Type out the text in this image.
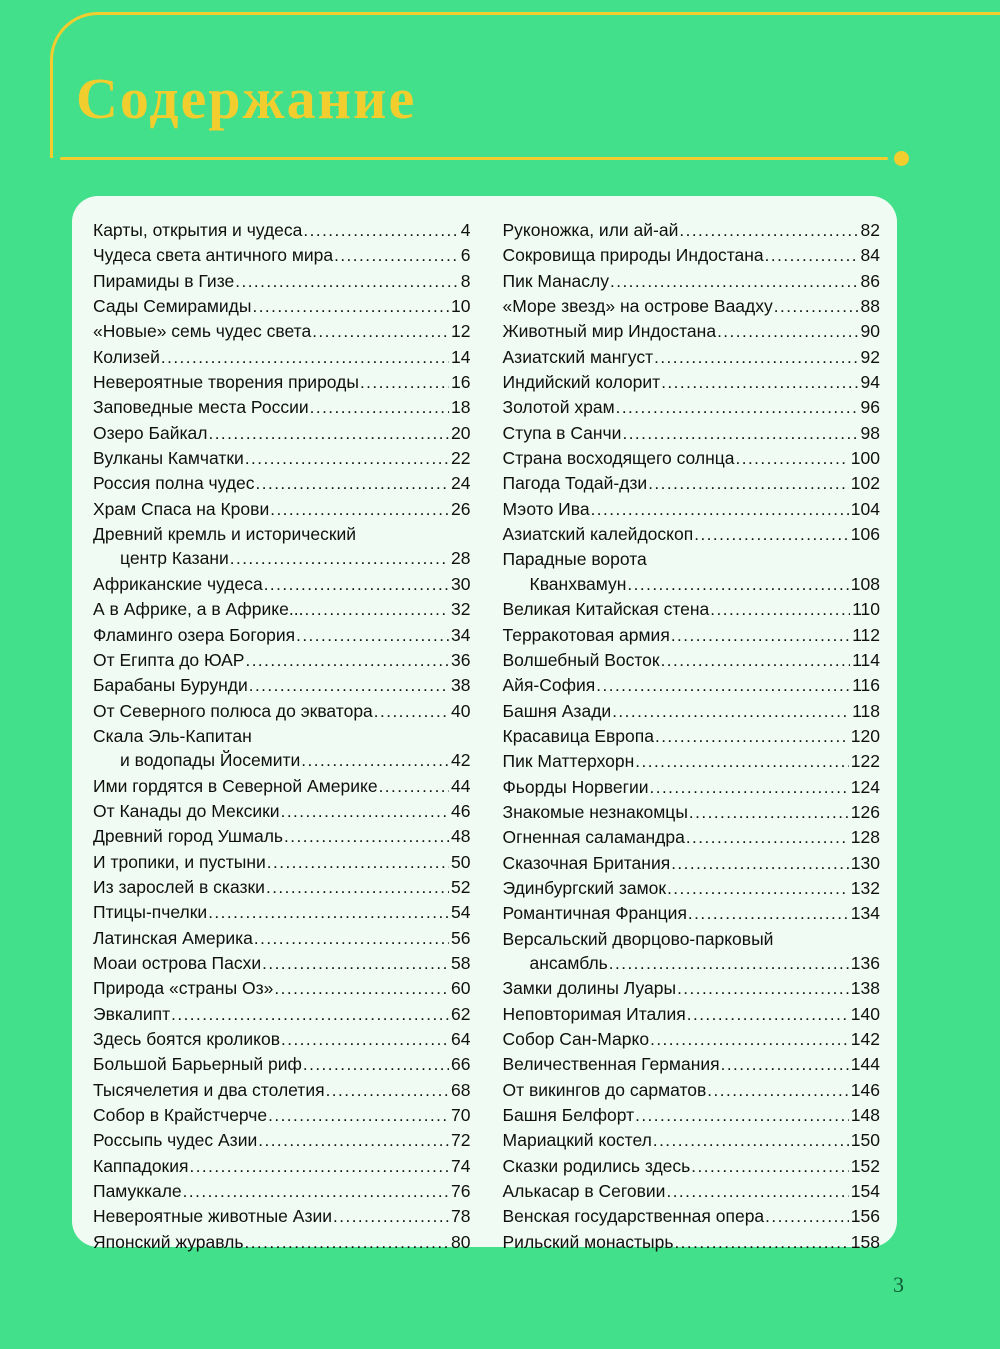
Содержание
Карты, открытия и чудеса .....	4
Чудеса света античного мира .....	6
Пирамиды в Гизе .....	8
Сады Семирамиды .....	10
«Новые» семь чудес света .....	12
Колизей .....	14
Невероятные творения природы .....	16
Заповедные места России .....	18
Озеро Байкал .....	20
Вулканы Камчатки .....	22
Россия полна чудес .....	24
Храм Спаса на Крови .....	26
Древний кремль и исторический
центр Казани .....	28
Африканские чудеса .....	30
А в Африке, а в Африке... .....	32
Фламинго озера Богория .....	34
От Египта до ЮАР .....	36
Барабаны Бурунди .....	38
От Северного полюса до экватора .....	40
Скала Эль-Капитан
и водопады Йосемити .....	42
Ими гордятся в Северной Америке .....	44
От Канады до Мексики .....	46
Древний город Ушмаль .....	48
И тропики, и пустыни .....	50
Из зарослей в сказки .....	52
Птицы-пчелки .....	54
Латинская Америка .....	56
Моаи острова Пасхи .....	58
Природа «страны Оз» .....	60
Эвкалипт .....	62
Здесь боятся кроликов .....	64
Большой Барьерный риф .....	66
Тысячелетия и два столетия .....	68
Собор в Крайстчерче .....	70
Россыпь чудес Азии .....	72
Каппадокия .....	74
Памуккале .....	76
Невероятные животные Азии .....	78
Японский журавль .....	80
Руконожка, или ай-ай .....	82
Сокровища природы Индостана .....	84
Пик Манаслу .....	86
«Море звезд» на острове Ваадху .....	88
Животный мир Индостана .....	90
Азиатский мангуст .....	92
Индийский колорит .....	94
Золотой храм .....	96
Ступа в Санчи .....	98
Страна восходящего солнца .....	100
Пагода Тодай-дзи .....	102
Мэото Ива .....	104
Азиатский калейдоскоп .....	106
Парадные ворота
Кванхвамун .....	108
Великая Китайская стена .....	110
Терракотовая армия .....	112
Волшебный Восток .....	114
Айя-София .....	116
Башня Азади .....	118
Красавица Европа .....	120
Пик Маттерхорн .....	122
Фьорды Норвегии .....	124
Знакомые незнакомцы .....	126
Огненная саламандра .....	128
Сказочная Британия .....	130
Эдинбургский замок .....	132
Романтичная Франция .....	134
Версальский дворцово-парковый
ансамбль .....	136
Замки долины Луары .....	138
Неповторимая Италия .....	140
Собор Сан-Марко .....	142
Величественная Германия .....	144
От викингов до сарматов .....	146
Башня Белфорт .....	148
Мариацкий костел .....	150
Сказки родились здесь .....	152
Алькасар в Сеговии .....	154
Венская государственная опера .....	156
Рильский монастырь .....	158
3
